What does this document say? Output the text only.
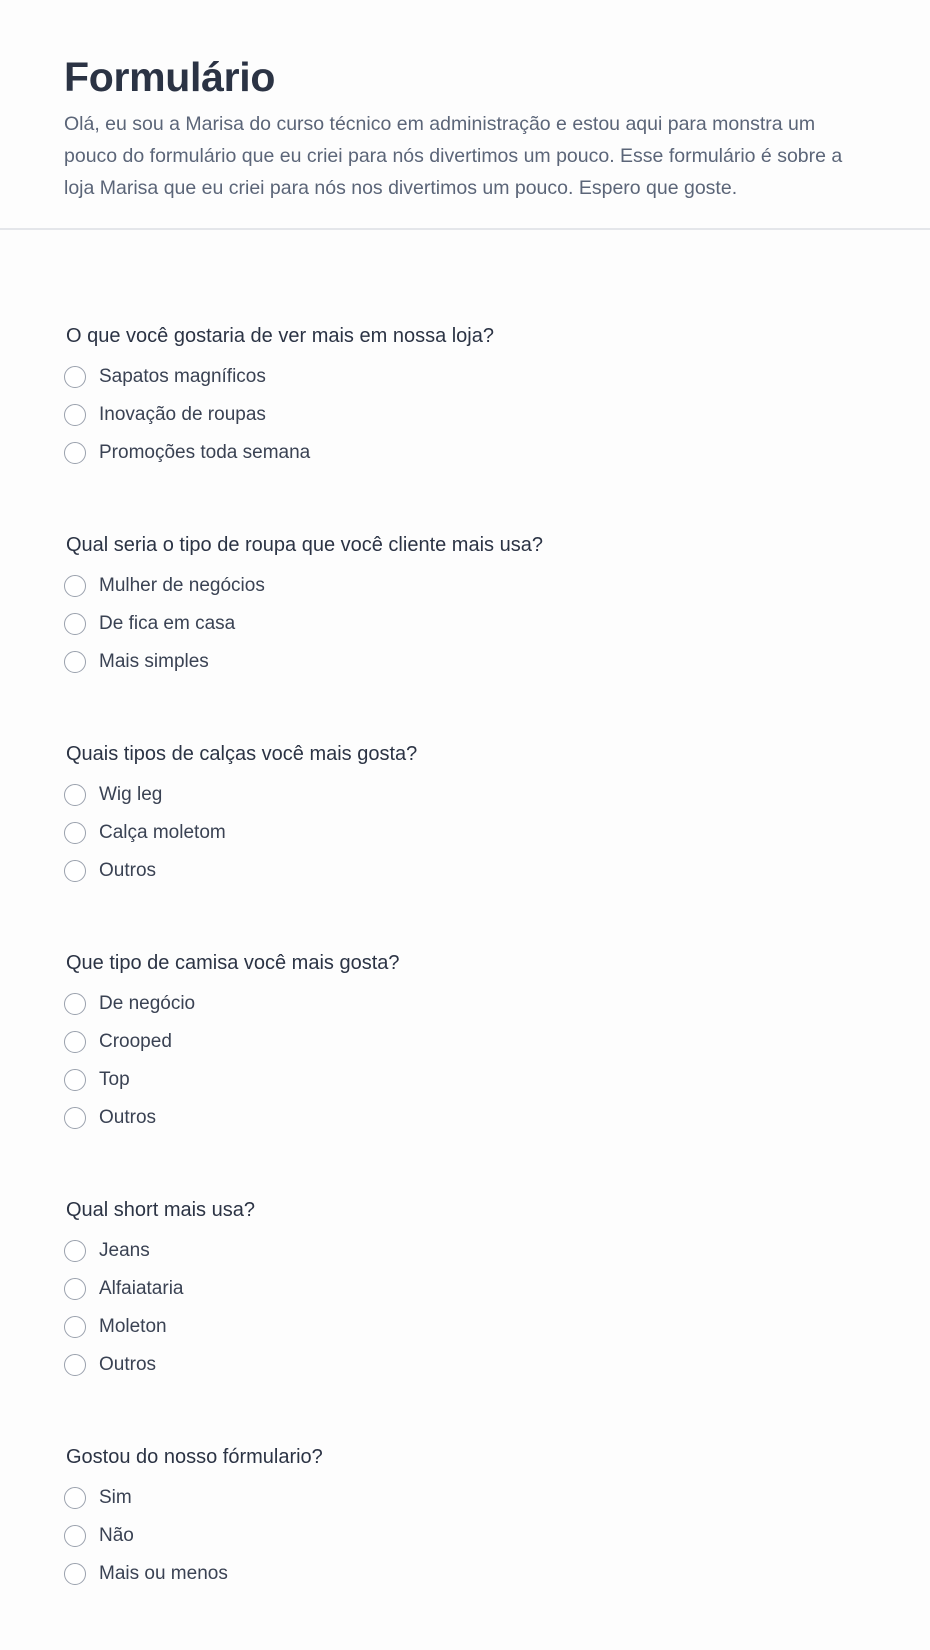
Formulário

Olá, eu sou a Marisa do curso técnico em administração e estou aqui para monstra um pouco do formulário que eu criei para nós divertimos um pouco. Esse formulário é sobre a loja Marisa que eu criei para nós nos divertimos um pouco. Espero que goste.

O que você gostaria de ver mais em nossa loja?
Sapatos magníficos
Inovação de roupas
Promoções toda semana
Qual seria o tipo de roupa que você cliente mais usa?
Mulher de negócios
De fica em casa
Mais simples
Quais tipos de calças você mais gosta?
Wig leg
Calça moletom
Outros
Que tipo de camisa você mais gosta?
De negócio
Crooped
Top
Outros
Qual short mais usa?
Jeans
Alfaiataria
Moleton
Outros
Gostou do nosso fórmulario?
Sim
Não
Mais ou menos
